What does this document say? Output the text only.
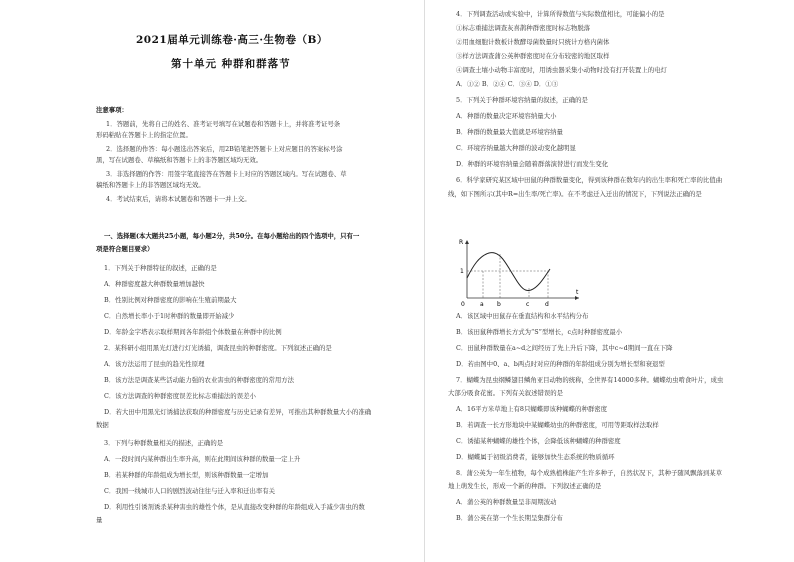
2021届单元训练卷·高三·生物卷（B）
第十单元 种群和群落节
注意事项：
1．答题前，先将自己的姓名、准考证号填写在试题卷和答题卡上，并将准考证号条
形码粘贴在答题卡上的指定位置。
2．选择题的作答：每小题选出答案后，用2B铅笔把答题卡上对应题目的答案标号涂
黑，写在试题卷、草稿纸和答题卡上的非答题区域均无效。
3．非选择题的作答：用签字笔直接答在答题卡上对应的答题区域内。写在试题卷、草
稿纸和答题卡上的非答题区域均无效。
4．考试结束后，请将本试题卷和答题卡一并上交。
一、选择题(本大题共25小题，每小题2分，共50分。在每小题给出的四个选项中，只有一
项是符合题目要求）
1．下列关于种群特征的叙述，正确的是
A．种群密度越大种群数量增加越快
B．性别比例对种群密度的影响在生殖前期最大
C．自然增长率小于1时种群的数量即开始减少
D．年龄金字塔表示取样期间各年龄组个体数量在种群中的比例
2．某科研小组用黑光灯进行灯光诱捕，调查昆虫的种群密度。下列叙述正确的是
A．该方法运用了昆虫的趋光性原理
B．该方法是调查某些活动能力强的农业害虫的种群密度的常用方法
C．该方法调查的种群密度误差比标志重捕法的误差小
D．若大田中用黑光灯诱捕法获取的种群密度与历史记录有差异，可推出其种群数量大小的准确
数据
3．下列与种群数量相关的描述，正确的是
A．一段时间内某种群出生率升高，则在此期间该种群的数量一定上升
B．若某种群的年龄组成为增长型，则该种群数量一定增加
C．我国一线城市人口的剧烈波动往往与迁入率和迁出率有关
D．利用性引诱剂诱杀某种害虫的雄性个体，是从直接改变种群的年龄组成入手减少害虫的数
量
4．下列调查活动或实验中，计算所得数值与实际数值相比，可能偏小的是
①标志重捕法调查灰喜鹊种群密度时标志物脱落
②用血细胞计数板计数酵母菌数量时只统计方格内菌体
③样方法调查蒲公英种群密度时在分布较密的地区取样
④调查土壤小动物丰富度时，用诱虫器采集小动物时没有打开装置上的电灯
A．①② B．②④ C．③④ D．①③
5．下列关于种群环境容纳量的叙述，正确的是
A．种群的数量决定环境容纳量大小
B．种群的数量最大值就是环境容纳量
C．环境容纳量越大种群的波动变化越明显
D．种群的环境容纳量会随着群落演替进行而发生变化
6．科学家研究某区域中田鼠的种群数量变化，得到该种群在数年内的出生率和死亡率的比值曲
线，如下图所示(其中R=出生率/死亡率)。在不考虑迁入迁出的情况下，下列说法正确的是
A．该区域中田鼠存在垂直结构和水平结构分布
B．该田鼠种群增长方式为“S”型增长，c点时种群密度最小
C．田鼠种群数量在a~d之间经历了先上升后下降，其中c~d期间一直在下降
D．若由图中0、a、b两点时对应的种群的年龄组成分别为增长型和衰退型
7．蝴蝶为昆虫纲鳞翅目鳞角亚目动物的统称，全世界有14000多种。蝴蝶幼虫啃食叶片，成虫
大部分吸食花蜜。下列有关叙述错误的是
A．16平方米草地上有8只蝴蝶即该种蝴蝶的种群密度
B．若调查一长方形地块中某蝴蝶幼虫的种群密度，可用等距取样法取样
C．诱捕某种蝴蝶的雄性个体，会降低该种蝴蝶的种群密度
D．蝴蝶属于初级消费者，能够加快生态系统的物质循环
8．蒲公英为一年生植物，每个成熟植株能产生许多种子，自然状况下，其种子随风飘落到某草
地上萌发生长，形成一个新的种群。下列叙述正确的是
A．蒲公英的种群数量呈非周期波动
B．蒲公英在第一个生长期呈集群分布
R
1
0	a b	c	d
t
